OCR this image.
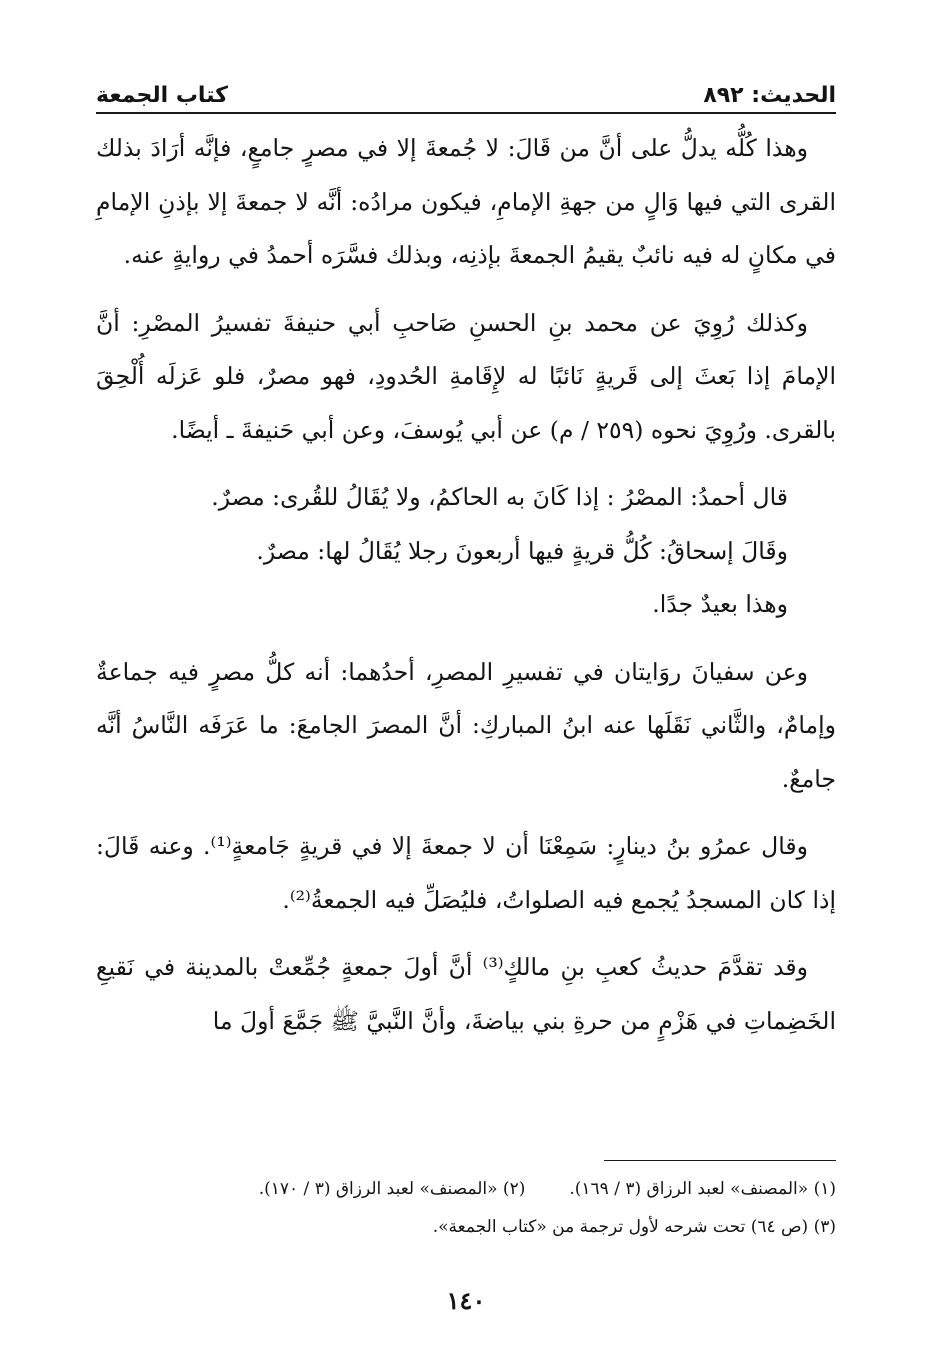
الحديث: ٨٩٢
كتاب الجمعة

وهذا كُلُّه يدلُّ على أنَّ من قَالَ: لا جُمعةَ إلا في مصرٍ جامعٍ، فإنَّه أرَادَ بذلك القرى التي فيها وَالٍ من جهةِ الإمامِ، فيكون مرادُه: أنَّه لا جمعةَ إلا بإذنِ الإمامِ في مكانٍ له فيه نائبٌ يقيمُ الجمعةَ بإذنِه، وبذلك فسَّرَه أحمدُ في روايةٍ عنه.

وكذلك رُوِيَ عن محمد بنِ الحسنِ صَاحبِ أبي حنيفةَ تفسيرُ المصْرِ: أنَّ الإمامَ إذا بَعثَ إلى قَريةٍ نَائبًا له لإِقَامةِ الحُدودِ، فهو مصرٌ، فلو عَزلَه أُلْحِقَ بالقرى. ورُوِيَ نحوه (٢٥٩ / م) عن أبي يُوسفَ، وعن أبي حَنيفةَ ـ أيضًا.

قال أحمدُ: المصْرُ : إذا كَانَ به الحاكمُ، ولا يُقَالُ للقُرى: مصرٌ.

وقَالَ إسحاقُ: كُلُّ قريةٍ فيها أربعونَ رجلا يُقَالُ لها: مصرٌ.

وهذا بعيدٌ جدًا.

وعن سفيانَ روَايتان في تفسيرِ المصرِ، أحدُهما: أنه كلُّ مصرٍ فيه جماعةٌ وإمامٌ، والثَّاني نَقَلَها عنه ابنُ المباركِ: أنَّ المصرَ الجامعَ: ما عَرَفَه النَّاسُ أنَّه جامعٌ.

وقال عمرُو بنُ دينارٍ: سَمِعْنَا أن لا جمعةَ إلا في قريةٍ جَامعةٍ⁽¹⁾. وعنه قَالَ: إذا كان المسجدُ يُجمع فيه الصلواتُ، فليُصَلِّ فيه الجمعةُ⁽²⁾.

وقد تقدَّمَ حديثُ كعبِ بنِ مالكٍ⁽³⁾ أنَّ أولَ جمعةٍ جُمِّعتْ بالمدينة في نَقيعِ الخَضِماتِ في هَزْمٍ من حرةِ بني بياضةَ، وأنَّ النَّبيَّ ﷺ جَمَّعَ أولَ ما

(١) «المصنف» لعبد الرزاق (٣ / ١٦٩).
(٢) «المصنف» لعبد الرزاق (٣ / ١٧٠).
(٣) (ص ٦٤) تحت شرحه لأول ترجمة من «كتاب الجمعة».
١٤٠
